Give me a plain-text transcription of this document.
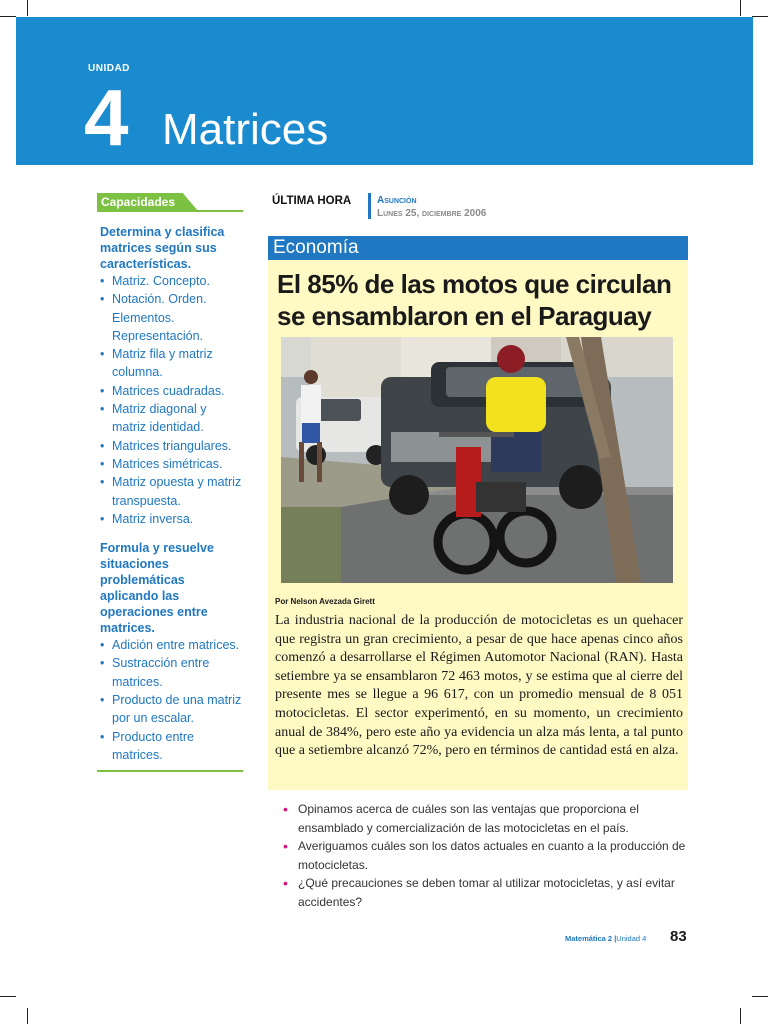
UNIDAD
4 Matrices
Capacidades
Determina y clasifica matrices según sus características.
• Matriz. Concepto.
• Notación. Orden. Elementos. Representación.
• Matriz fila y matriz columna.
• Matrices cuadradas.
• Matriz diagonal y matriz identidad.
• Matrices triangulares.
• Matrices simétricas.
• Matriz opuesta y matriz transpuesta.
• Matriz inversa.
Formula y resuelve situaciones problemáticas aplicando las operaciones entre matrices.
• Adición entre matrices.
• Sustracción entre matrices.
• Producto de una matriz por un escalar.
• Producto entre matrices.
ÚLTIMA HORA	Asunción
Lunes 25, diciembre 2006
Economía
El 85% de las motos que circulan se ensamblaron en el Paraguay
Por Nelson Avezada Girett

La industria nacional de la producción de motocicletas es un quehacer que registra un gran crecimiento, a pesar de que hace apenas cinco años comenzó a desarrollarse el Régimen Automotor Nacional (RAN). Hasta setiembre ya se ensamblaron 72 463 motos, y se estima que al cierre del presente mes se llegue a 96 617, con un promedio mensual de 8 051 motocicletas. El sector experimentó, en su momento, un crecimiento anual de 384%, pero este año ya evidencia un alza más lenta, a tal punto que a setiembre alcanzó 72%, pero en términos de cantidad está en alza.

• Opinamos acerca de cuáles son las ventajas que proporciona el ensamblado y comercialización de las motocicletas en el país.
• Averiguamos cuáles son los datos actuales en cuanto a la producción de motocicletas.
• ¿Qué precauciones se deben tomar al utilizar motocicletas, y así evitar accidentes?
Matemática 2 |Unidad 4 83
